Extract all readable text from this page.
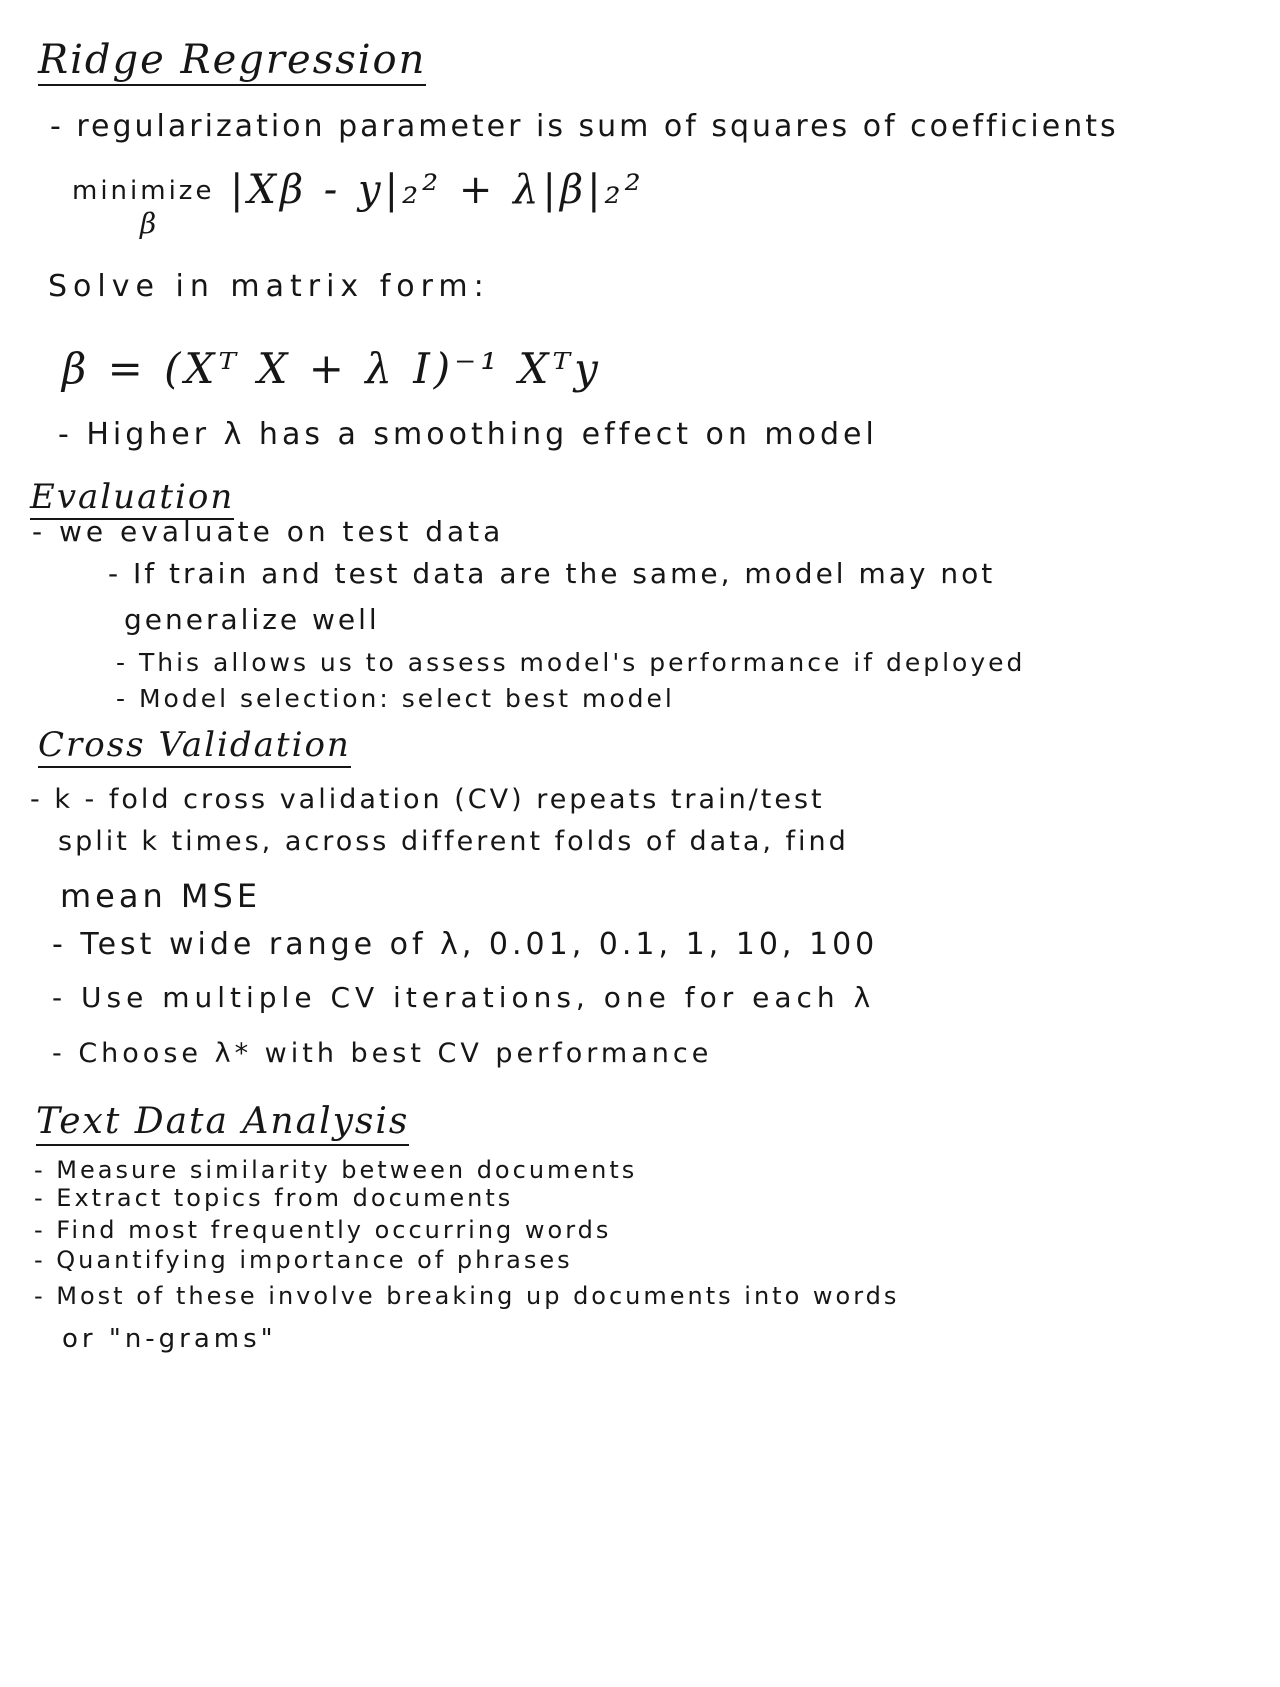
Ridge Regression
- regularization parameter is sum of squares of coefficients
minimize
β
|Xβ - y|₂² + λ|β|₂²
Solve in matrix form:
β = (Xᵀ X + λ I)⁻¹ Xᵀy
- Higher λ has a smoothing effect on model
Evaluation
- we evaluate on test data
- If train and test data are the same, model may not
generalize well
- This allows us to assess model's performance if deployed
- Model selection: select best model
Cross Validation
- k - fold cross validation (CV) repeats train/test
split k times, across different folds of data, find
mean MSE
- Test wide range of λ, 0.01, 0.1, 1, 10, 100
- Use multiple CV iterations, one for each λ
- Choose λ* with best CV performance
Text Data Analysis
- Measure similarity between documents
- Extract topics from documents
- Find most frequently occurring words
- Quantifying importance of phrases
- Most of these involve breaking up documents into words
or "n-grams"
